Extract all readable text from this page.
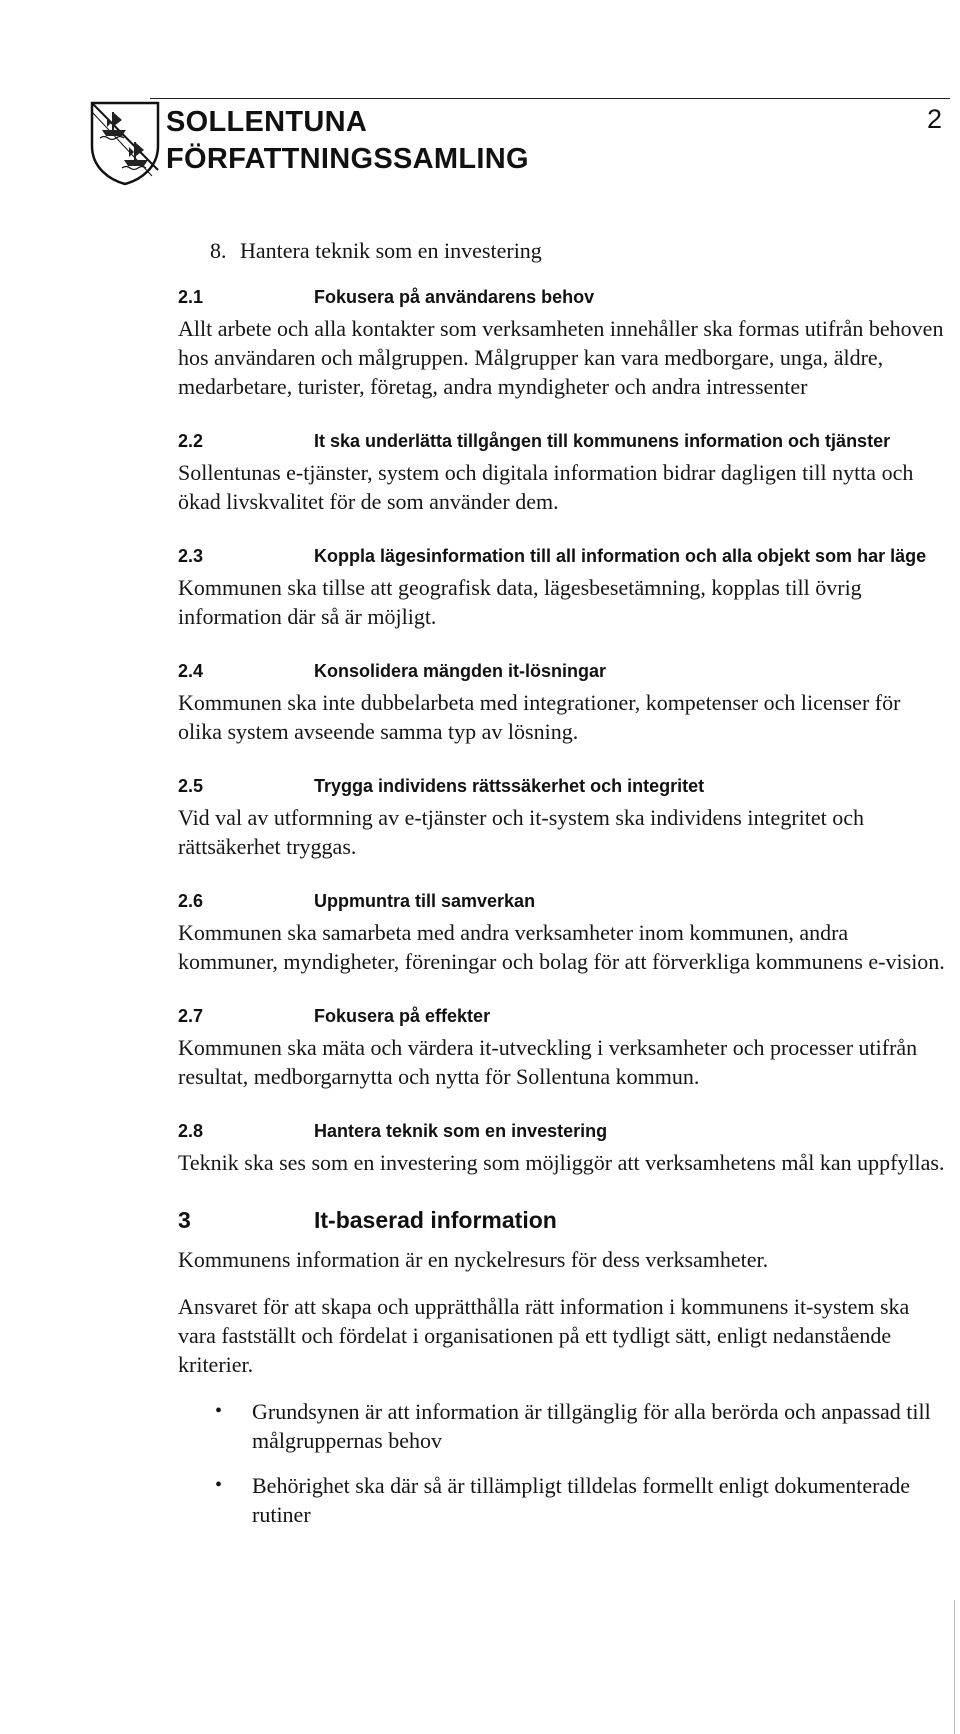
SOLLENTUNA
FÖRFATTNINGSSAMLING
2
8. Hantera teknik som en investering
2.1	Fokusera på användarens behov

Allt arbete och alla kontakter som verksamheten innehåller ska formas utifrån behoven hos användaren och målgruppen. Målgrupper kan vara medborgare, unga, äldre, medarbetare, turister, företag, andra myndigheter och andra intressenter

2.2	It ska underlätta tillgången till kommunens information och tjänster

Sollentunas e-tjänster, system och digitala information bidrar dagligen till nytta och ökad livskvalitet för de som använder dem.

2.3	Koppla lägesinformation till all information och alla objekt som har läge

Kommunen ska tillse att geografisk data, lägesbesetämning, kopplas till övrig information där så är möjligt.

2.4	Konsolidera mängden it-lösningar

Kommunen ska inte dubbelarbeta med integrationer, kompetenser och licenser för olika system avseende samma typ av lösning.

2.5	Trygga individens rättssäkerhet och integritet

Vid val av utformning av e-tjänster och it-system ska individens integritet och rättsäkerhet tryggas.

2.6	Uppmuntra till samverkan

Kommunen ska samarbeta med andra verksamheter inom kommunen, andra kommuner, myndigheter, föreningar och bolag för att förverkliga kommunens e-vision.

2.7	Fokusera på effekter

Kommunen ska mäta och värdera it-utveckling i verksamheter och processer utifrån resultat, medborgarnytta och nytta för Sollentuna kommun.

2.8	Hantera teknik som en investering

Teknik ska ses som en investering som möjliggör att verksamhetens mål kan uppfyllas.

3	It-baserad information

Kommunens information är en nyckelresurs för dess verksamheter.

Ansvaret för att skapa och upprätthålla rätt information i kommunens it-system ska vara fastställt och fördelat i organisationen på ett tydligt sätt, enligt nedanstående kriterier.

•	Grundsynen är att information är tillgänglig för alla berörda och anpassad till målgruppernas behov
•	Behörighet ska där så är tillämpligt tilldelas formellt enligt dokumenterade rutiner
